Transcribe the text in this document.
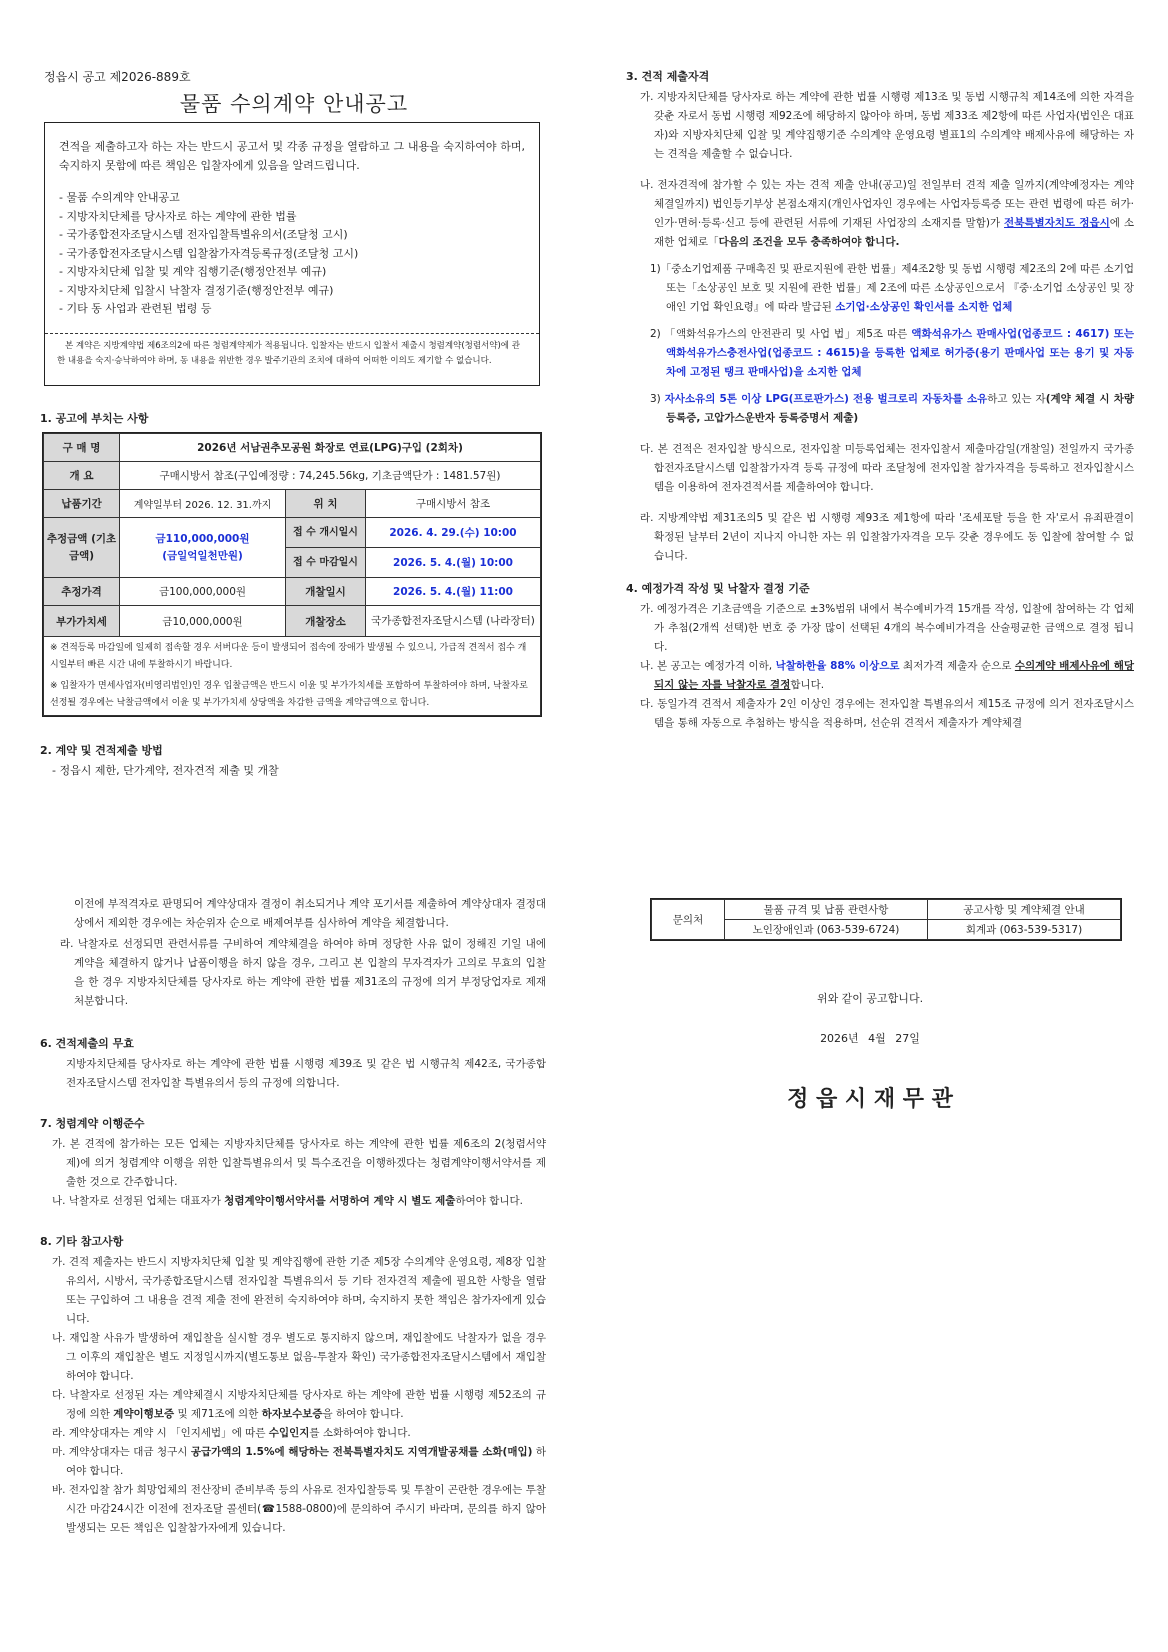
정읍시 공고 제2026-889호
물품 수의계약 안내공고
견적을 제출하고자 하는 자는 반드시 공고서 및 각종 규정을 열람하고 그 내용을 숙지하여야 하며, 숙지하지 못함에 따른 책임은 입찰자에게 있음을 알려드립니다.
- 물품 수의계약 안내공고
- 지방자치단체를 당사자로 하는 계약에 관한 법률
- 국가종합전자조달시스템 전자입찰특별유의서(조달청 고시)
- 국가종합전자조달시스템 입찰참가자격등록규정(조달청 고시)
- 지방자치단체 입찰 및 계약 집행기준(행정안전부 예규)
- 지방자치단체 입찰시 낙찰자 결정기준(행정안전부 예규)
- 기타 동 사업과 관련된 법령 등
본 계약은 지방계약법 제6조의2에 따른 청렴계약제가 적용됩니다. 입찰자는 반드시 입찰서 제출시 청렴계약(청렴서약)에 관한 내용을 숙지·승낙하여야 하며, 동 내용을 위반한 경우 발주기관의 조치에 대하여 어떠한 이의도 제기할 수 없습니다.
1. 공고에 부치는 사항
구 매 명	2026년 서남권추모공원 화장로 연료(LPG)구입 (2회차)		
개 요	구매시방서 참조(구입예정량 : 74,245.56kg, 기초금액단가 : 1481.57원)		
납품기간	계약일부터 2026. 12. 31.까지	위 치	구매시방서 참조
추정금액 (기초금액)	금110,000,000원
(금일억일천만원)	접 수 개시일시	2026. 4. 29.(수) 10:00
		접 수 마감일시	2026. 5. 4.(월) 10:00
추정가격	금100,000,000원	개찰일시	2026. 5. 4.(월) 11:00
부가가치세	금10,000,000원	개찰장소	국가종합전자조달시스템 (나라장터)

※ 견적등록 마감일에 일제히 접속할 경우 서버다운 등이 발생되어 접속에 장애가 발생될 수 있으니, 가급적 견적서 접수 개시일부터 빠른 시간 내에 투찰하시기 바랍니다.
※ 입찰자가 면세사업자(비영리법인)인 경우 입찰금액은 반드시 이윤 및 부가가치세를 포함하여 투찰하여야 하며, 낙찰자로 선정될 경우에는 낙찰금액에서 이윤 및 부가가치세 상당액을 차감한 금액을 계약금액으로 합니다.			
2. 계약 및 견적제출 방법
- 정읍시 제한, 단가계약, 전자견적 제출 및 개찰
3. 견적 제출자격
가. 지방자치단체를 당사자로 하는 계약에 관한 법률 시행령 제13조 및 동법 시행규칙 제14조에 의한 자격을 갖춘 자로서 동법 시행령 제92조에 해당하지 않아야 하며, 동법 제33조 제2항에 따른 사업자(법인은 대표자)와 지방자치단체 입찰 및 계약집행기준 수의계약 운영요령 별표1의 수의계약 배제사유에 해당하는 자는 견적을 제출할 수 없습니다.
나. 전자견적에 참가할 수 있는 자는 견적 제출 안내(공고)일 전일부터 견적 제출 일까지(계약예정자는 계약 체결일까지) 법인등기부상 본점소재지(개인사업자인 경우에는 사업자등록증 또는 관련 법령에 따른 허가·인가·면허·등록·신고 등에 관련된 서류에 기재된 사업장의 소재지를 말함)가 전북특별자치도 정읍시에 소재한 업체로「다음의 조건을 모두 충족하여야 합니다.
1)「중소기업제품 구매촉진 및 판로지원에 관한 법률」제4조2항 및 동법 시행령 제2조의 2에 따른 소기업 또는「소상공인 보호 및 지원에 관한 법률」제 2조에 따른 소상공인으로서 『중·소기업 소상공인 및 장애인 기업 확인요령』에 따라 발급된 소기업·소상공인 확인서를 소지한 업체
2) 「액화석유가스의 안전관리 및 사업 법」제5조 따른 액화석유가스 판매사업(업종코드 : 4617) 또는 액화석유가스충전사업(업종코드 : 4615)을 등록한 업체로 허가증(용기 판매사업 또는 용기 및 자동차에 고정된 탱크 판매사업)을 소지한 업체
3) 자사소유의 5톤 이상 LPG(프로판가스) 전용 벌크로리 자동차를 소유하고 있는 자(계약 체결 시 차량등록증, 고압가스운반자 등록증명서 제출)
다. 본 견적은 전자입찰 방식으로, 전자입찰 미등록업체는 전자입찰서 제출마감일(개찰일) 전일까지 국가종합전자조달시스템 입찰참가자격 등록 규정에 따라 조달청에 전자입찰 참가자격을 등록하고 전자입찰시스템을 이용하여 전자견적서를 제출하여야 합니다.
라. 지방계약법 제31조의5 및 같은 법 시행령 제93조 제1항에 따라 '조세포탈 등을 한 자'로서 유죄판결이 확정된 날부터 2년이 지나지 아니한 자는 위 입찰참가자격을 모두 갖춘 경우에도 동 입찰에 참여할 수 없습니다.
4. 예정가격 작성 및 낙찰자 결정 기준
가. 예정가격은 기초금액을 기준으로 ±3%범위 내에서 복수예비가격 15개를 작성, 입찰에 참여하는 각 업체가 추첨(2개씩 선택)한 번호 중 가장 많이 선택된 4개의 복수예비가격을 산술평균한 금액으로 결정 됩니다.
나. 본 공고는 예정가격 이하, 낙찰하한율 88% 이상으로 최저가격 제출자 순으로 수의계약 배제사유에 해당되지 않는 자를 낙찰자로 결정합니다.
다. 동일가격 견적서 제출자가 2인 이상인 경우에는 전자입찰 특별유의서 제15조 규정에 의거 전자조달시스템을 통해 자동으로 추첨하는 방식을 적용하며, 선순위 견적서 제출자가 계약체결
이전에 부적격자로 판명되어 계약상대자 결정이 취소되거나 계약 포기서를 제출하여 계약상대자 결정대상에서 제외한 경우에는 차순위자 순으로 배제여부를 심사하여 계약을 체결합니다.
라. 낙찰자로 선정되면 관련서류를 구비하여 계약체결을 하여야 하며 정당한 사유 없이 정해진 기일 내에 계약을 체결하지 않거나 납품이행을 하지 않을 경우, 그리고 본 입찰의 무자격자가 고의로 무효의 입찰을 한 경우 지방자치단체를 당사자로 하는 계약에 관한 법률 제31조의 규정에 의거 부정당업자로 제재 처분합니다.
6. 견적제출의 무효
지방자치단체를 당사자로 하는 계약에 관한 법률 시행령 제39조 및 같은 법 시행규칙 제42조, 국가종합 전자조달시스템 전자입찰 특별유의서 등의 규정에 의합니다.
7. 청렴계약 이행준수
가. 본 견적에 참가하는 모든 업체는 지방자치단체를 당사자로 하는 계약에 관한 법률 제6조의 2(청렴서약제)에 의거 청렴계약 이행을 위한 입찰특별유의서 및 특수조건을 이행하겠다는 청렴계약이행서약서를 제출한 것으로 간주합니다.
나. 낙찰자로 선정된 업체는 대표자가 청렴계약이행서약서를 서명하여 계약 시 별도 제출하여야 합니다.
8. 기타 참고사항
가. 견적 제출자는 반드시 지방자치단체 입찰 및 계약집행에 관한 기준 제5장 수의계약 운영요령, 제8장 입찰유의서, 시방서, 국가종합조달시스템 전자입찰 특별유의서 등 기타 전자견적 제출에 필요한 사항을 열람 또는 구입하여 그 내용을 견적 제출 전에 완전히 숙지하여야 하며, 숙지하지 못한 책임은 참가자에게 있습니다.
나. 재입찰 사유가 발생하여 재입찰을 실시할 경우 별도로 통지하지 않으며, 재입찰에도 낙찰자가 없을 경우 그 이후의 재입찰은 별도 지정일시까지(별도통보 없음-투찰자 확인) 국가종합전자조달시스템에서 재입찰하여야 합니다.
다. 낙찰자로 선정된 자는 계약체결시 지방자치단체를 당사자로 하는 계약에 관한 법률 시행령 제52조의 규정에 의한 계약이행보증 및 제71조에 의한 하자보수보증을 하여야 합니다.
라. 계약상대자는 계약 시 「인지세법」에 따른 수입인지를 소화하여야 합니다.
마. 계약상대자는 대금 청구시 공급가액의 1.5%에 해당하는 전북특별자치도 지역개발공채를 소화(매입) 하여야 합니다.
바. 전자입찰 참가 희망업체의 전산장비 준비부족 등의 사유로 전자입찰등록 및 투찰이 곤란한 경우에는 투찰시간 마감24시간 이전에 전자조달 콜센터(☎1588-0800)에 문의하여 주시기 바라며, 문의를 하지 않아 발생되는 모든 책임은 입찰참가자에게 있습니다.
문의처	물품 규격 및 납품 관련사항	공고사항 및 계약체결 안내
	노인장애인과 (063-539-6724)	회계과 (063-539-5317)
위와 같이 공고합니다.
2026년 4월 27일
정 읍 시 재 무 관
